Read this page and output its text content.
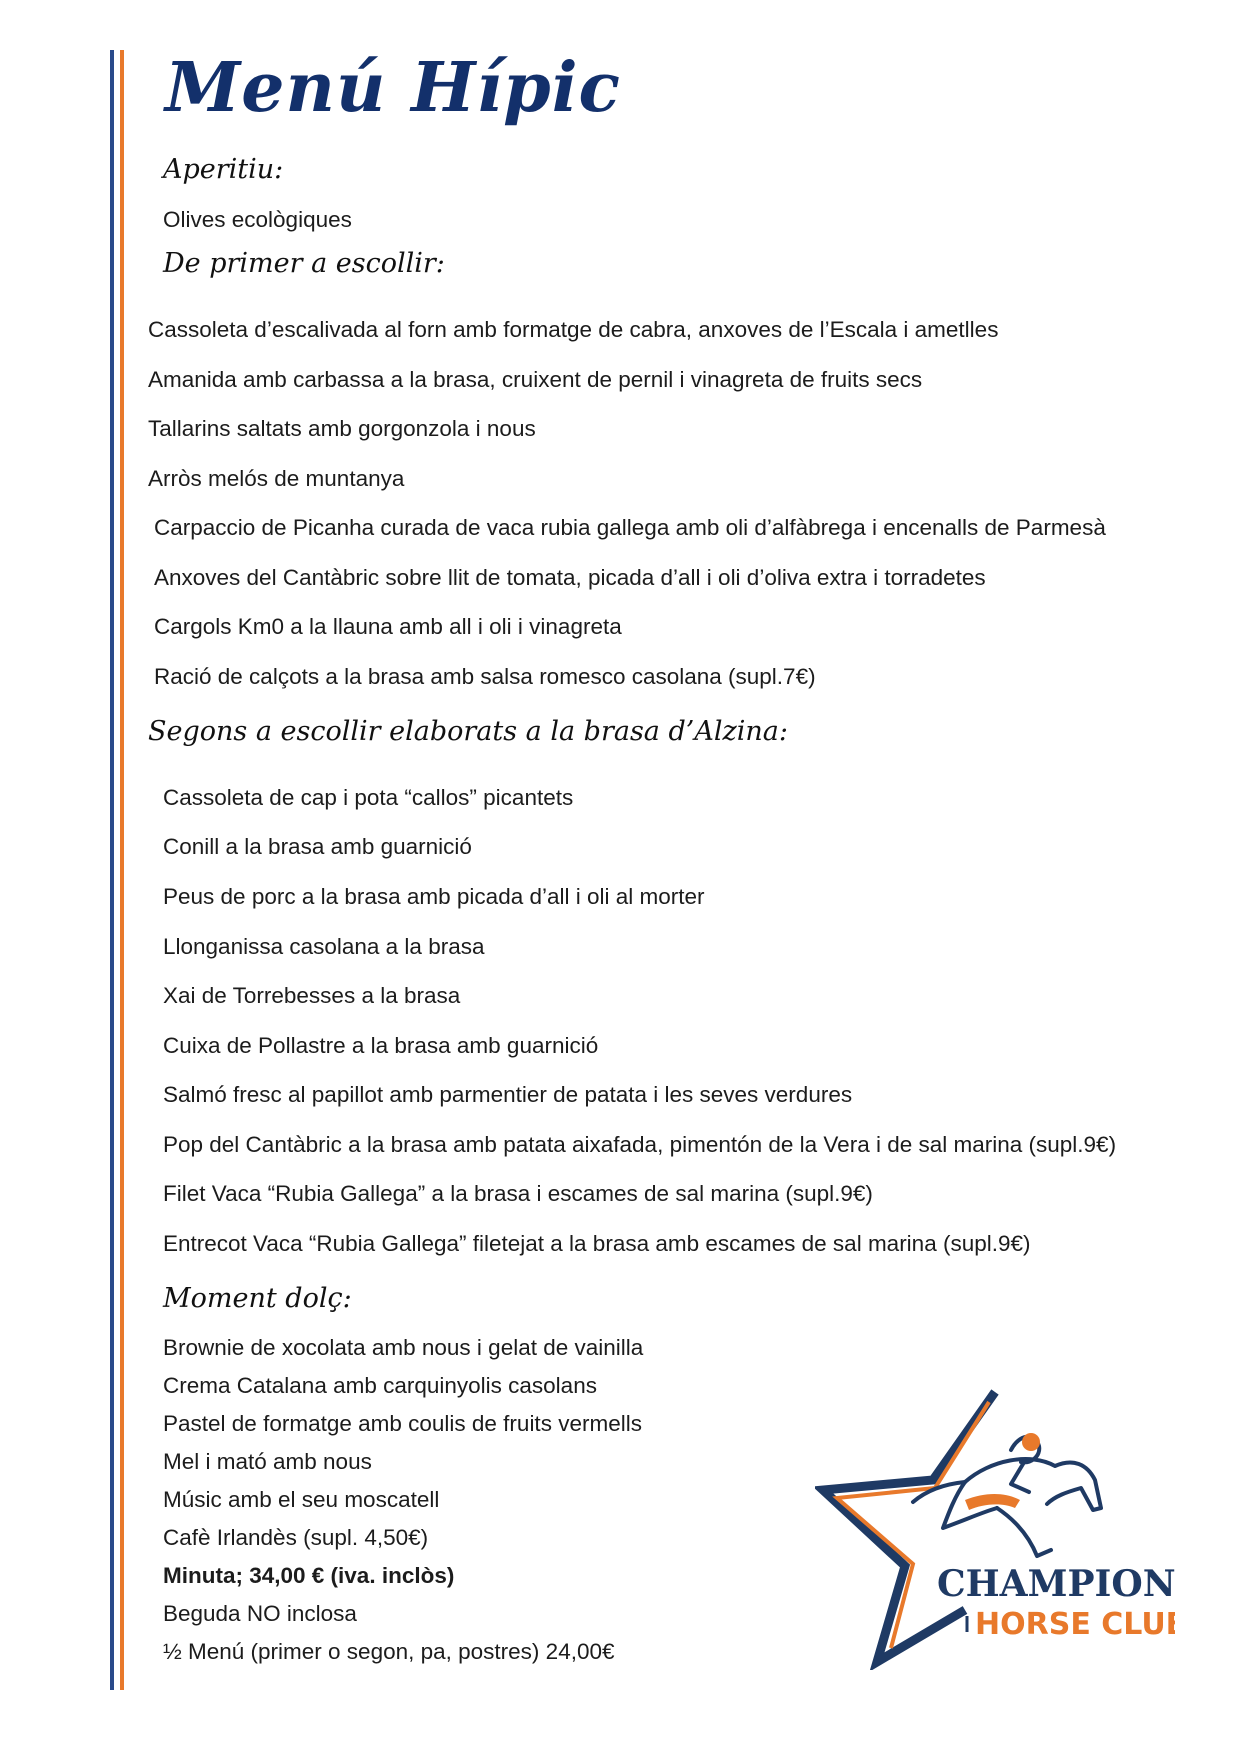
Menú Hípic
Aperitiu:

Olives ecològiques

De primer a escollir:

Cassoleta d’escalivada al forn amb formatge de cabra, anxoves de l’Escala i ametlles

Amanida amb carbassa a la brasa, cruixent de pernil i vinagreta de fruits secs

Tallarins saltats amb gorgonzola i nous

Arròs melós de muntanya

Carpaccio de Picanha curada de vaca rubia gallega amb oli d’alfàbrega i encenalls de Parmesà

Anxoves del Cantàbric sobre llit de tomata, picada d’all i oli d’oliva extra i torradetes

Cargols Km0 a la llauna amb all i oli i vinagreta

Ració de calçots a la brasa amb salsa romesco casolana (supl.7€)

Segons a escollir elaborats a la brasa d’Alzina:

Cassoleta de cap i pota “callos” picantets

Conill a la brasa amb guarnició

Peus de porc a la brasa amb picada d’all i oli al morter

Llonganissa casolana a la brasa

Xai de Torrebesses a la brasa

Cuixa de Pollastre a la brasa amb guarnició

Salmó fresc al papillot amb parmentier de patata i les seves verdures

Pop del Cantàbric a la brasa amb patata aixafada, pimentón de la Vera i de sal marina (supl.9€)

Filet Vaca “Rubia Gallega” a la brasa i escames de sal marina (supl.9€)

Entrecot Vaca “Rubia Gallega” filetejat a la brasa amb escames de sal marina (supl.9€)

Moment dolç:

Brownie de xocolata amb nous i gelat de vainilla

Crema Catalana amb carquinyolis casolans

Pastel de formatge amb coulis de fruits vermells

Mel i mató amb nous

Músic amb el seu moscatell

Cafè Irlandès (supl. 4,50€)

Minuta; 34,00 € (iva. inclòs)

Beguda NO inclosa

½ Menú (primer o segon, pa, postres) 24,00€

CHAMPION
HORSE CLUB
